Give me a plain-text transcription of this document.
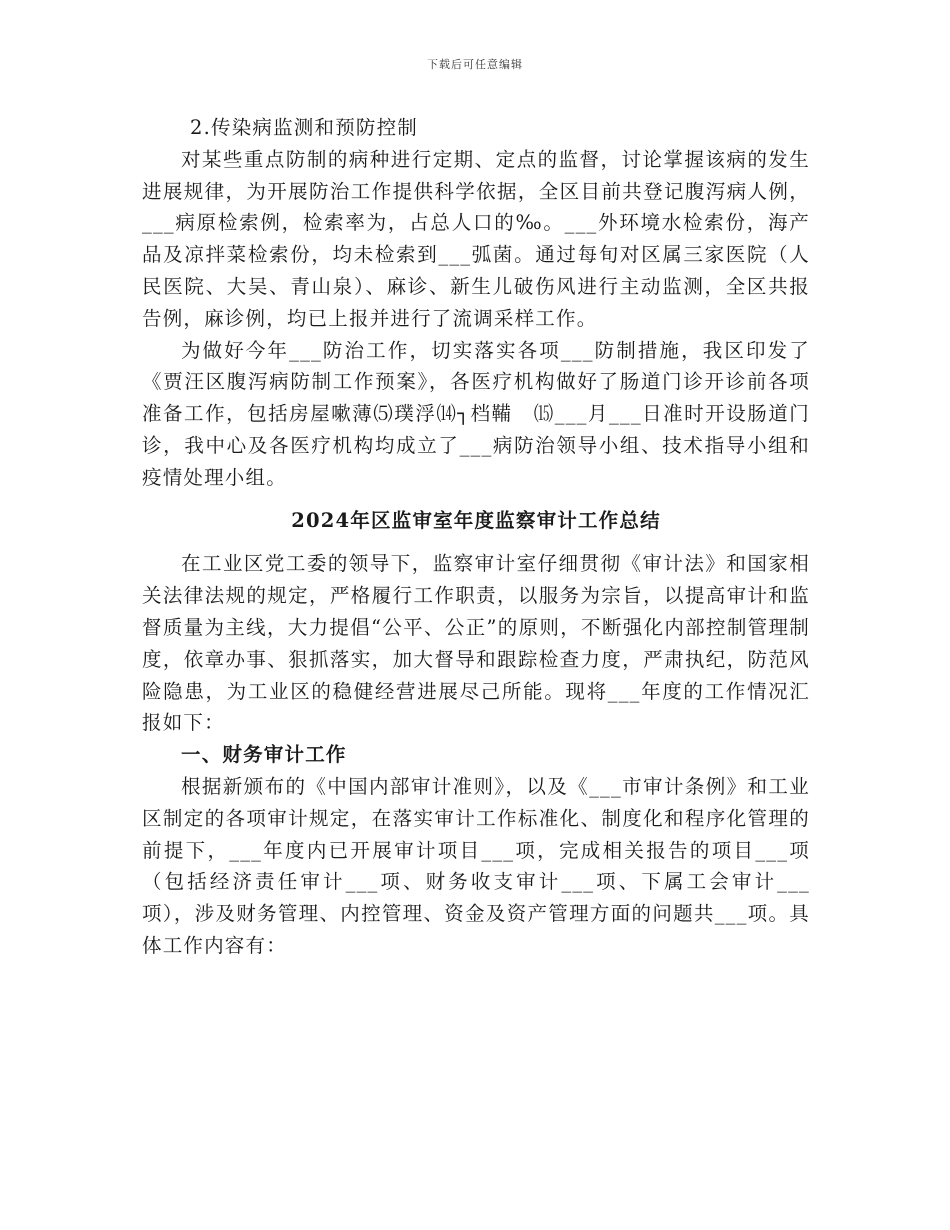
下载后可任意编辑

2.传染病监测和预防控制

对某些重点防制的病种进行定期、定点的监督，讨论掌握该病的发生进展规律，为开展防治工作提供科学依据，全区目前共登记腹泻病人例，___病原检索例，检索率为，占总人口的‰。___外环境水检索份，海产品及凉拌菜检索份，均未检索到___弧菌。通过每旬对区属三家医院（人民医院、大吴、青山泉）、麻诊、新生儿破伤风进行主动监测，全区共报告例，麻诊例，均已上报并进行了流调采样工作。

为做好今年___防治工作，切实落实各项___防制措施，我区印发了《贾汪区腹泻病防制工作预案》，各医疗机构做好了肠道门诊开诊前各项准备工作，包括房屋嗽薄⑸璞浮⒁┐档鞴　⒂___月___日准时开设肠道门诊，我中心及各医疗机构均成立了___病防治领导小组、技术指导小组和疫情处理小组。

2024年区监审室年度监察审计工作总结

在工业区党工委的领导下，监察审计室仔细贯彻《审计法》和国家相关法律法规的规定，严格履行工作职责，以服务为宗旨，以提高审计和监督质量为主线，大力提倡“公平、公正”的原则，不断强化内部控制管理制度，依章办事、狠抓落实，加大督导和跟踪检查力度，严肃执纪，防范风险隐患，为工业区的稳健经营进展尽己所能。现将___年度的工作情况汇报如下：

一、财务审计工作

根据新颁布的《中国内部审计准则》，以及《___市审计条例》和工业区制定的各项审计规定，在落实审计工作标准化、制度化和程序化管理的前提下，___年度内已开展审计项目___项，完成相关报告的项目___项（包括经济责任审计___项、财务收支审计___项、下属工会审计___项），涉及财务管理、内控管理、资金及资产管理方面的问题共___项。具体工作内容有：
